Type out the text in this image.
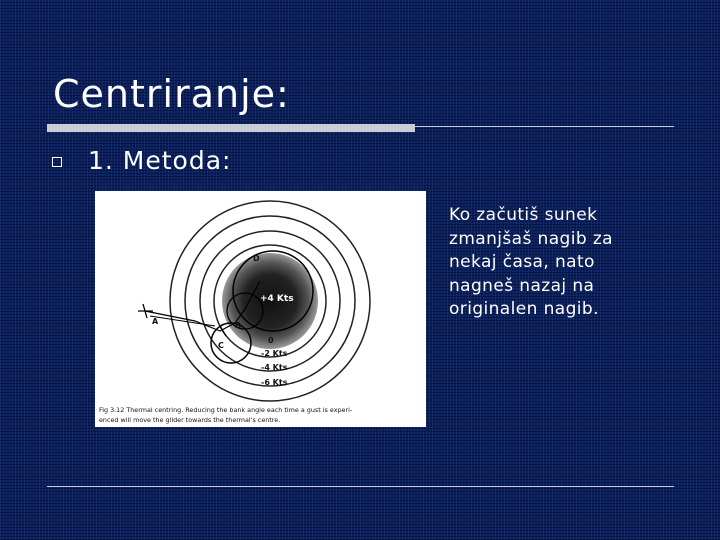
Centriranje:
1. Metoda:
+4 Kts
0
-2 Kts
-4 Kts
-6 Kts
A	B
C
D
Fig 3.12 Thermal centring. Reducing the bank angle each time a gust is experi-
enced will move the glider towards the thermal's centre.
Ko začutiš sunek
zmanjšaš nagib za
nekaj časa, nato
nagneš nazaj na
originalen nagib.
